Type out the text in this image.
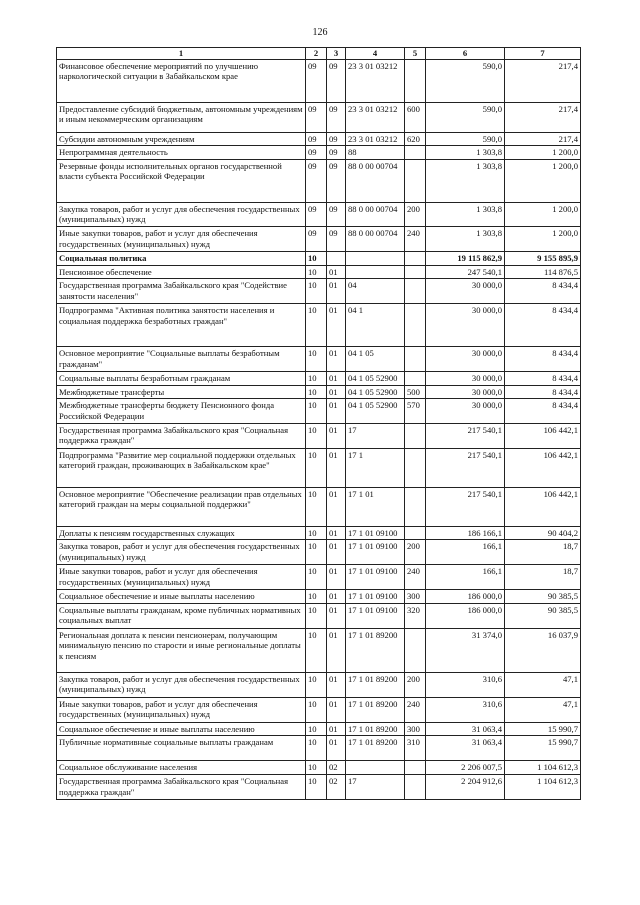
126
1	2	3	4	5	6	7
Финансовое обеспечение мероприятий по улучшению наркологической ситуации в Забайкальском крае	09	09	23 3 01 03212		590,0	217,4
Предоставление субсидий бюджетным, автономным учреждениям и иным некоммерческим организациям	09	09	23 3 01 03212	600	590,0	217,4
Субсидии автономным учреждениям	09	09	23 3 01 03212	620	590,0	217,4
Непрограммная деятельность	09	09	88		1 303,8	1 200,0
Резервные фонды исполнительных органов государственной власти субъекта Российской Федерации	09	09	88 0 00 00704		1 303,8	1 200,0
Закупка товаров, работ и услуг для обеспечения государственных (муниципальных) нужд	09	09	88 0 00 00704	200	1 303,8	1 200,0
Иные закупки товаров, работ и услуг для обеспечения государственных (муниципальных) нужд	09	09	88 0 00 00704	240	1 303,8	1 200,0
Социальная политика	10				19 115 862,9	9 155 895,9
Пенсионное обеспечение	10	01			247 540,1	114 876,5
Государственная программа Забайкальского края "Содействие занятости населения"	10	01	04		30 000,0	8 434,4
Подпрограмма "Активная политика занятости населения и социальная поддержка безработных граждан"	10	01	04 1		30 000,0	8 434,4
Основное мероприятие "Социальные выплаты безработным гражданам"	10	01	04 1 05		30 000,0	8 434,4
Социальные выплаты безработным гражданам	10	01	04 1 05 52900		30 000,0	8 434,4
Межбюджетные трансферты	10	01	04 1 05 52900	500	30 000,0	8 434,4
Межбюджетные трансферты бюджету Пенсионного фонда Российской Федерации	10	01	04 1 05 52900	570	30 000,0	8 434,4
Государственная программа Забайкальского края "Социальная поддержка граждан"	10	01	17		217 540,1	106 442,1
Подпрограмма "Развитие мер социальной поддержки отдельных категорий граждан, проживающих в Забайкальском крае"	10	01	17 1		217 540,1	106 442,1
Основное мероприятие "Обеспечение реализации прав отдельных категорий граждан на меры социальной поддержки"	10	01	17 1 01		217 540,1	106 442,1
Доплаты к пенсиям государственных служащих	10	01	17 1 01 09100		186 166,1	90 404,2
Закупка товаров, работ и услуг для обеспечения государственных (муниципальных) нужд	10	01	17 1 01 09100	200	166,1	18,7
Иные закупки товаров, работ и услуг для обеспечения государственных (муниципальных) нужд	10	01	17 1 01 09100	240	166,1	18,7
Социальное обеспечение и иные выплаты населению	10	01	17 1 01 09100	300	186 000,0	90 385,5
Социальные выплаты гражданам, кроме публичных нормативных социальных выплат	10	01	17 1 01 09100	320	186 000,0	90 385,5
Региональная доплата к пенсии пенсионерам, получающим минимальную пенсию по старости и иные региональные доплаты к пенсиям	10	01	17 1 01 89200		31 374,0	16 037,9
Закупка товаров, работ и услуг для обеспечения государственных (муниципальных) нужд	10	01	17 1 01 89200	200	310,6	47,1
Иные закупки товаров, работ и услуг для обеспечения государственных (муниципальных) нужд	10	01	17 1 01 89200	240	310,6	47,1
Социальное обеспечение и иные выплаты населению	10	01	17 1 01 89200	300	31 063,4	15 990,7
Публичные нормативные социальные выплаты гражданам	10	01	17 1 01 89200	310	31 063,4	15 990,7
Социальное обслуживание населения	10	02			2 206 007,5	1 104 612,3
Государственная программа Забайкальского края "Социальная поддержка граждан"	10	02	17		2 204 912,6	1 104 612,3
